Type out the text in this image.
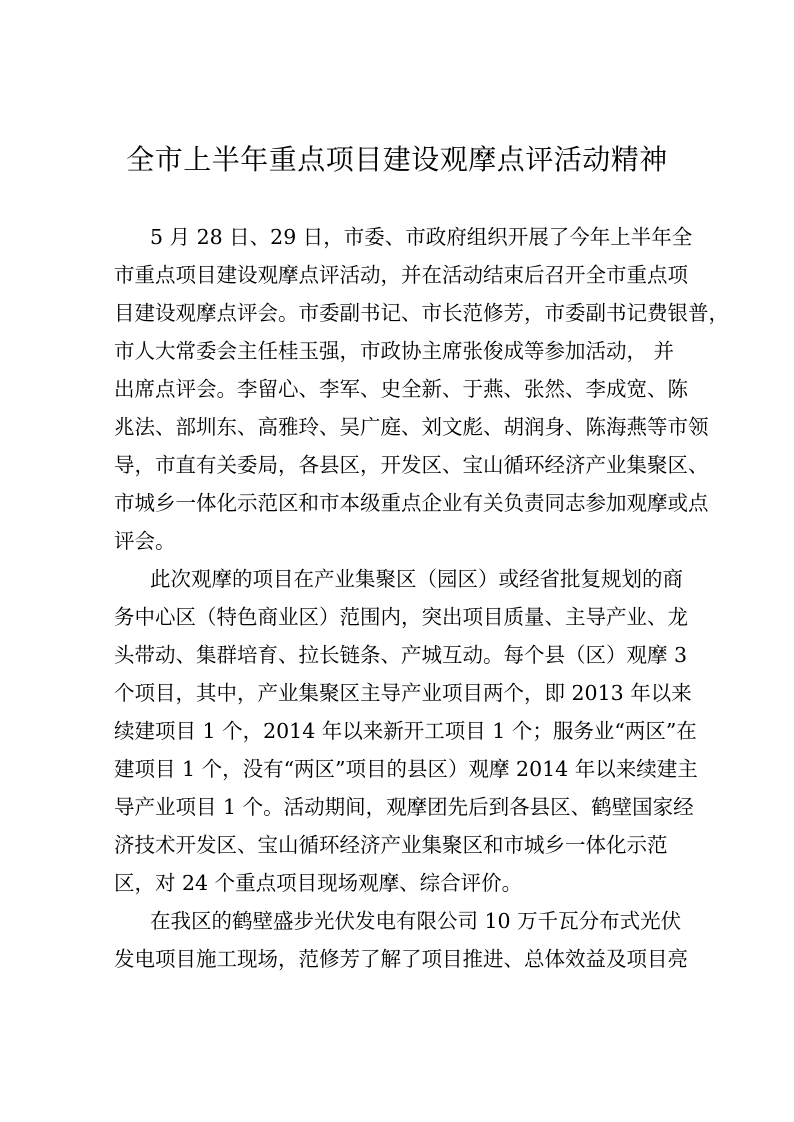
全市上半年重点项目建设观摩点评活动精神
5 月 28 日、29 日，市委、市政府组织开展了今年上半年全
市重点项目建设观摩点评活动，并在活动结束后召开全市重点项
目建设观摩点评会。市委副书记、市长范修芳，市委副书记费银普，
市人大常委会主任桂玉强，市政协主席张俊成等参加活动， 并
出席点评会。李留心、李军、史全新、于燕、张然、李成宽、陈
兆法、部圳东、高雅玲、吴广庭、刘文彪、胡润身、陈海燕等市领
导，市直有关委局，各县区，开发区、宝山循环经济产业集聚区、
市城乡一体化示范区和市本级重点企业有关负责同志参加观摩或点
评会。
此次观摩的项目在产业集聚区（园区）或经省批复规划的商
务中心区（特色商业区）范围内，突出项目质量、主导产业、龙
头带动、集群培育、拉长链条、产城互动。每个县（区）观摩 3
个项目，其中，产业集聚区主导产业项目两个，即 2013 年以来
续建项目 1 个，2014 年以来新开工项目 1 个；服务业“两区”在
建项目 1 个，没有“两区”项目的县区）观摩 2014 年以来续建主
导产业项目 1 个。活动期间，观摩团先后到各县区、鹤壁国家经
济技术开发区、宝山循环经济产业集聚区和市城乡一体化示范
区，对 24 个重点项目现场观摩、综合评价。
在我区的鹤壁盛步光伏发电有限公司 10 万千瓦分布式光伏
发电项目施工现场，范修芳了解了项目推进、总体效益及项目亮
